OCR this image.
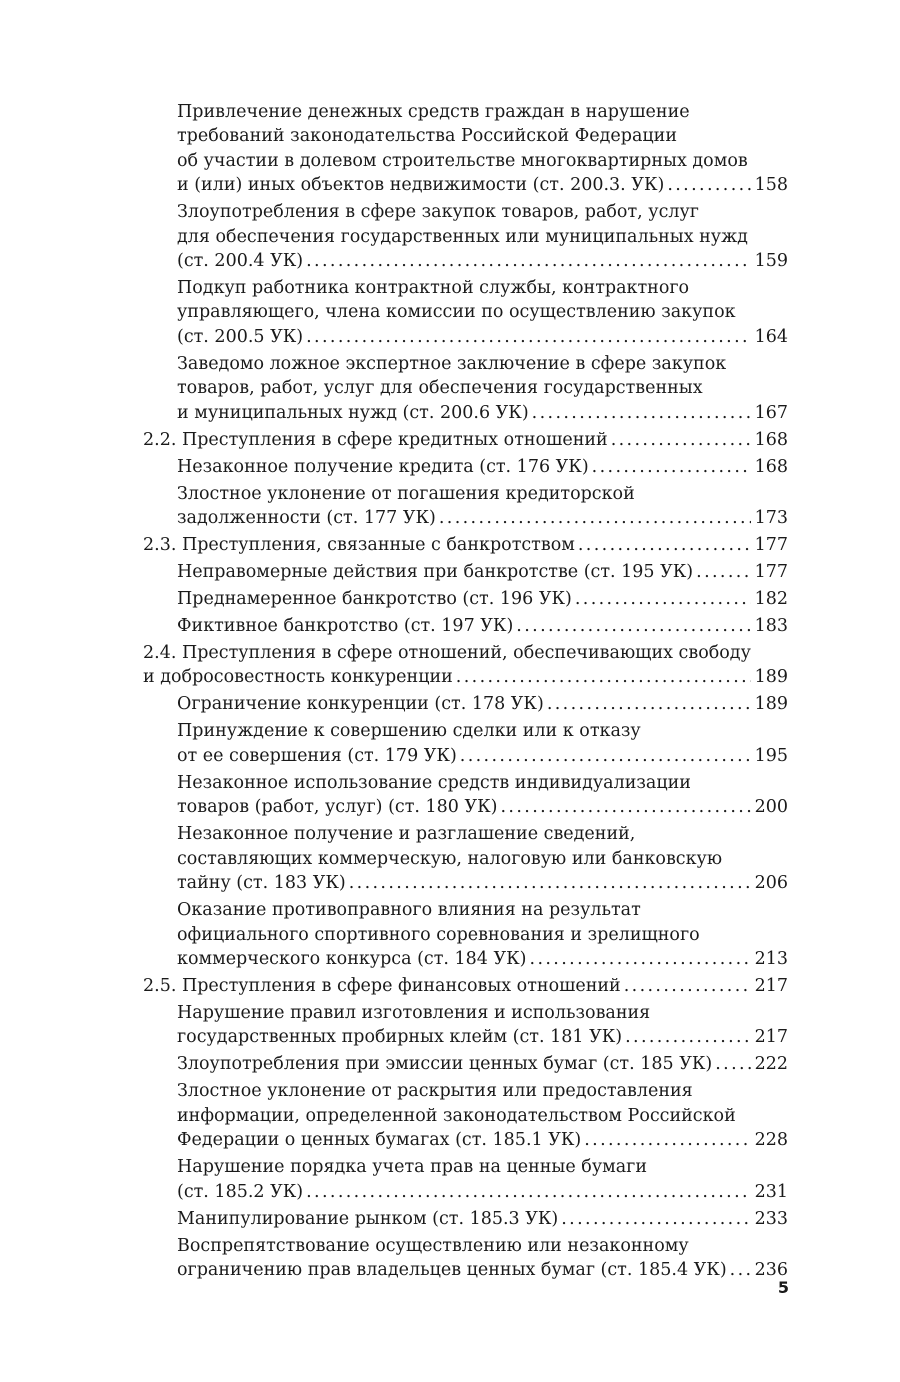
Привлечение денежных средств граждан в нарушение
требований законодательства Российской Федерации
об участии в долевом строительстве многоквартирных домов
и (или) иных объектов недвижимости (ст. 200.3. УК) . . .	158
Злоупотребления в сфере закупок товаров, работ, услуг
для обеспечения государственных или муниципальных нужд
(ст. 200.4 УК) . . .	159
Подкуп работника контрактной службы, контрактного
управляющего, члена комиссии по осуществлению закупок
(ст. 200.5 УК) . . .	164
Заведомо ложное экспертное заключение в сфере закупок
товаров, работ, услуг для обеспечения государственных
и муниципальных нужд (ст. 200.6 УК) . . .	167
2.2. Преступления в сфере кредитных отношений . . .	168
Незаконное получение кредита (ст. 176 УК) . . .	168
Злостное уклонение от погашения кредиторской
задолженности (ст. 177 УК) . . .	173
2.3. Преступления, связанные с банкротством . . .	177
Неправомерные действия при банкротстве (ст. 195 УК) . . .	177
Преднамеренное банкротство (ст. 196 УК) . . .	182
Фиктивное банкротство (ст. 197 УК) . . .	183
2.4. Преступления в сфере отношений, обеспечивающих свободу
и добросовестность конкуренции . . .	189
Ограничение конкуренции (ст. 178 УК) . . .	189
Принуждение к совершению сделки или к отказу
от ее совершения (ст. 179 УК) . . .	195
Незаконное использование средств индивидуализации
товаров (работ, услуг) (ст. 180 УК) . . .	200
Незаконное получение и разглашение сведений,
составляющих коммерческую, налоговую или банковскую
тайну (ст. 183 УК) . . .	206
Оказание противоправного влияния на результат
официального спортивного соревнования и зрелищного
коммерческого конкурса (ст. 184 УК) . . .	213
2.5. Преступления в сфере финансовых отношений . . .	217
Нарушение правил изготовления и использования
государственных пробирных клейм (ст. 181 УК) . . .	217
Злоупотребления при эмиссии ценных бумаг (ст. 185 УК) . . . 222
Злостное уклонение от раскрытия или предоставления
информации, определенной законодательством Российской
Федерации о ценных бумагах (ст. 185.1 УК) . . .	228
Нарушение порядка учета прав на ценные бумаги
(ст. 185.2 УК) . . .	231
Манипулирование рынком (ст. 185.3 УК) . . .	233
Воспрепятствование осуществлению или незаконному
ограничению прав владельцев ценных бумаг (ст. 185.4 УК) . . . 236
5
